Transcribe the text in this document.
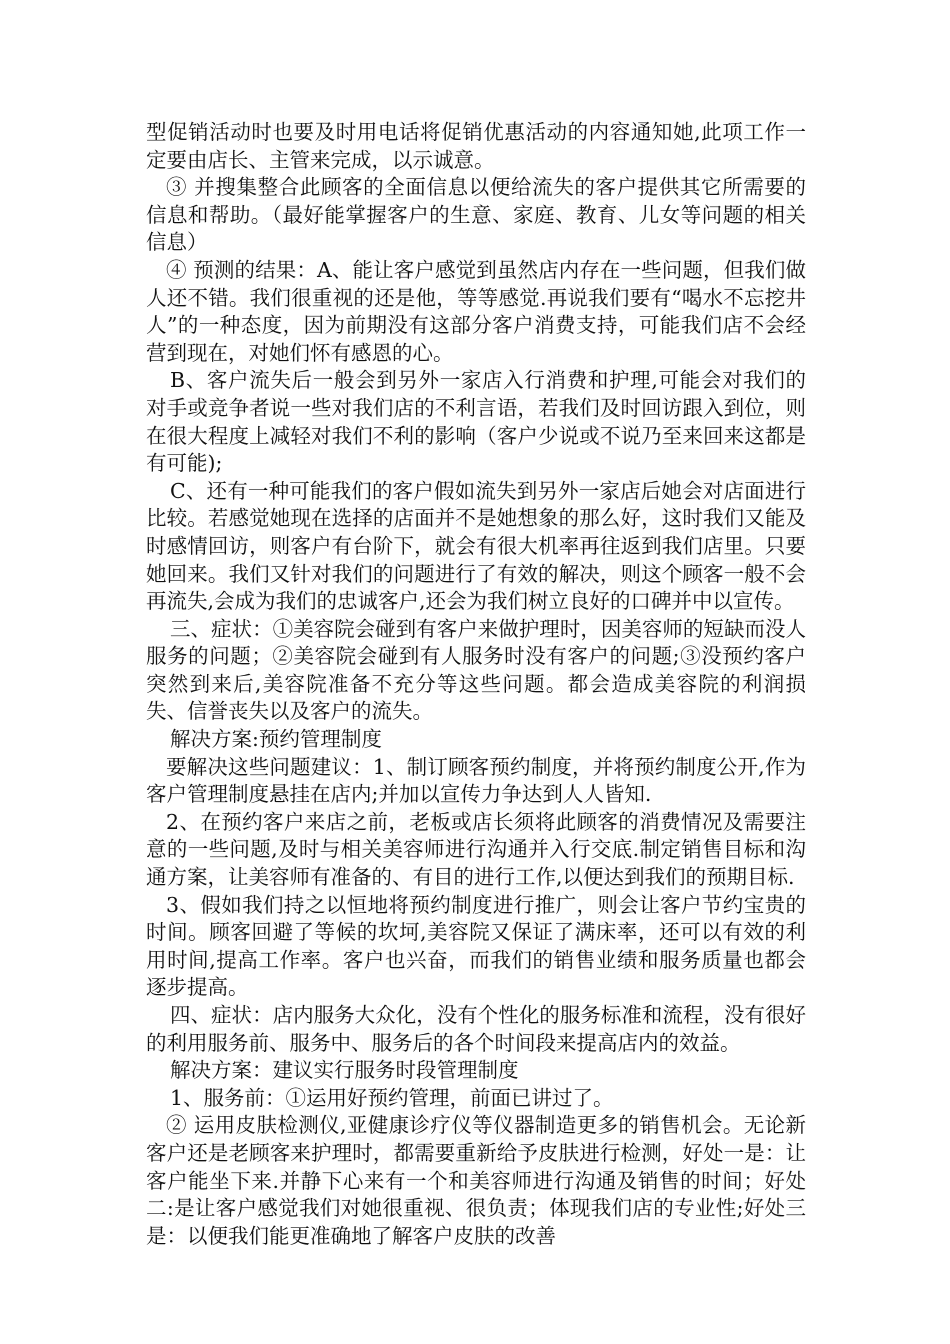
型促销活动时也要及时用电话将促销优惠活动的内容通知她,此项工作一定要由店长、主管来完成，以示诚意。

③ 并搜集整合此顾客的全面信息以便给流失的客户提供其它所需要的信息和帮助。（最好能掌握客户的生意、家庭、教育、儿女等问题的相关信息）

④ 预测的结果：A、能让客户感觉到虽然店内存在一些问题，但我们做人还不错。我们很重视的还是他，等等感觉.再说我们要有“喝水不忘挖井人”的一种态度，因为前期没有这部分客户消费支持，可能我们店不会经营到现在，对她们怀有感恩的心。

B、客户流失后一般会到另外一家店入行消费和护理,可能会对我们的对手或竞争者说一些对我们店的不利言语，若我们及时回访跟入到位，则在很大程度上减轻对我们不利的影响（客户少说或不说乃至来回来这都是有可能);

C、还有一种可能我们的客户假如流失到另外一家店后她会对店面进行比较。若感觉她现在选择的店面并不是她想象的那么好，这时我们又能及时感情回访，则客户有台阶下，就会有很大机率再往返到我们店里。只要她回来。我们又针对我们的问题进行了有效的解决，则这个顾客一般不会再流失,会成为我们的忠诚客户,还会为我们树立良好的口碑并中以宣传。

三、症状：①美容院会碰到有客户来做护理时，因美容师的短缺而没人服务的问题；②美容院会碰到有人服务时没有客户的问题;③没预约客户突然到来后,美容院准备不充分等这些问题。都会造成美容院的利润损失、信誉丧失以及客户的流失。

解决方案:预约管理制度

要解决这些问题建议：1、制订顾客预约制度，并将预约制度公开,作为客户管理制度悬挂在店内;并加以宣传力争达到人人皆知.

2、在预约客户来店之前，老板或店长须将此顾客的消费情况及需要注意的一些问题,及时与相关美容师进行沟通并入行交底.制定销售目标和沟通方案，让美容师有准备的、有目的进行工作,以便达到我们的预期目标.

3、假如我们持之以恒地将预约制度进行推广，则会让客户节约宝贵的时间。顾客回避了等候的坎坷,美容院又保证了满床率，还可以有效的利用时间,提高工作率。客户也兴奋，而我们的销售业绩和服务质量也都会逐步提高。

四、症状：店内服务大众化，没有个性化的服务标准和流程，没有很好的利用服务前、服务中、服务后的各个时间段来提高店内的效益。

解决方案：建议实行服务时段管理制度

1、服务前：①运用好预约管理，前面已讲过了。

② 运用皮肤检测仪,亚健康诊疗仪等仪器制造更多的销售机会。无论新客户还是老顾客来护理时，都需要重新给予皮肤进行检测，好处一是：让客户能坐下来.并静下心来有一个和美容师进行沟通及销售的时间；好处二:是让客户感觉我们对她很重视、很负责；体现我们店的专业性;好处三是：以便我们能更准确地了解客户皮肤的改善
